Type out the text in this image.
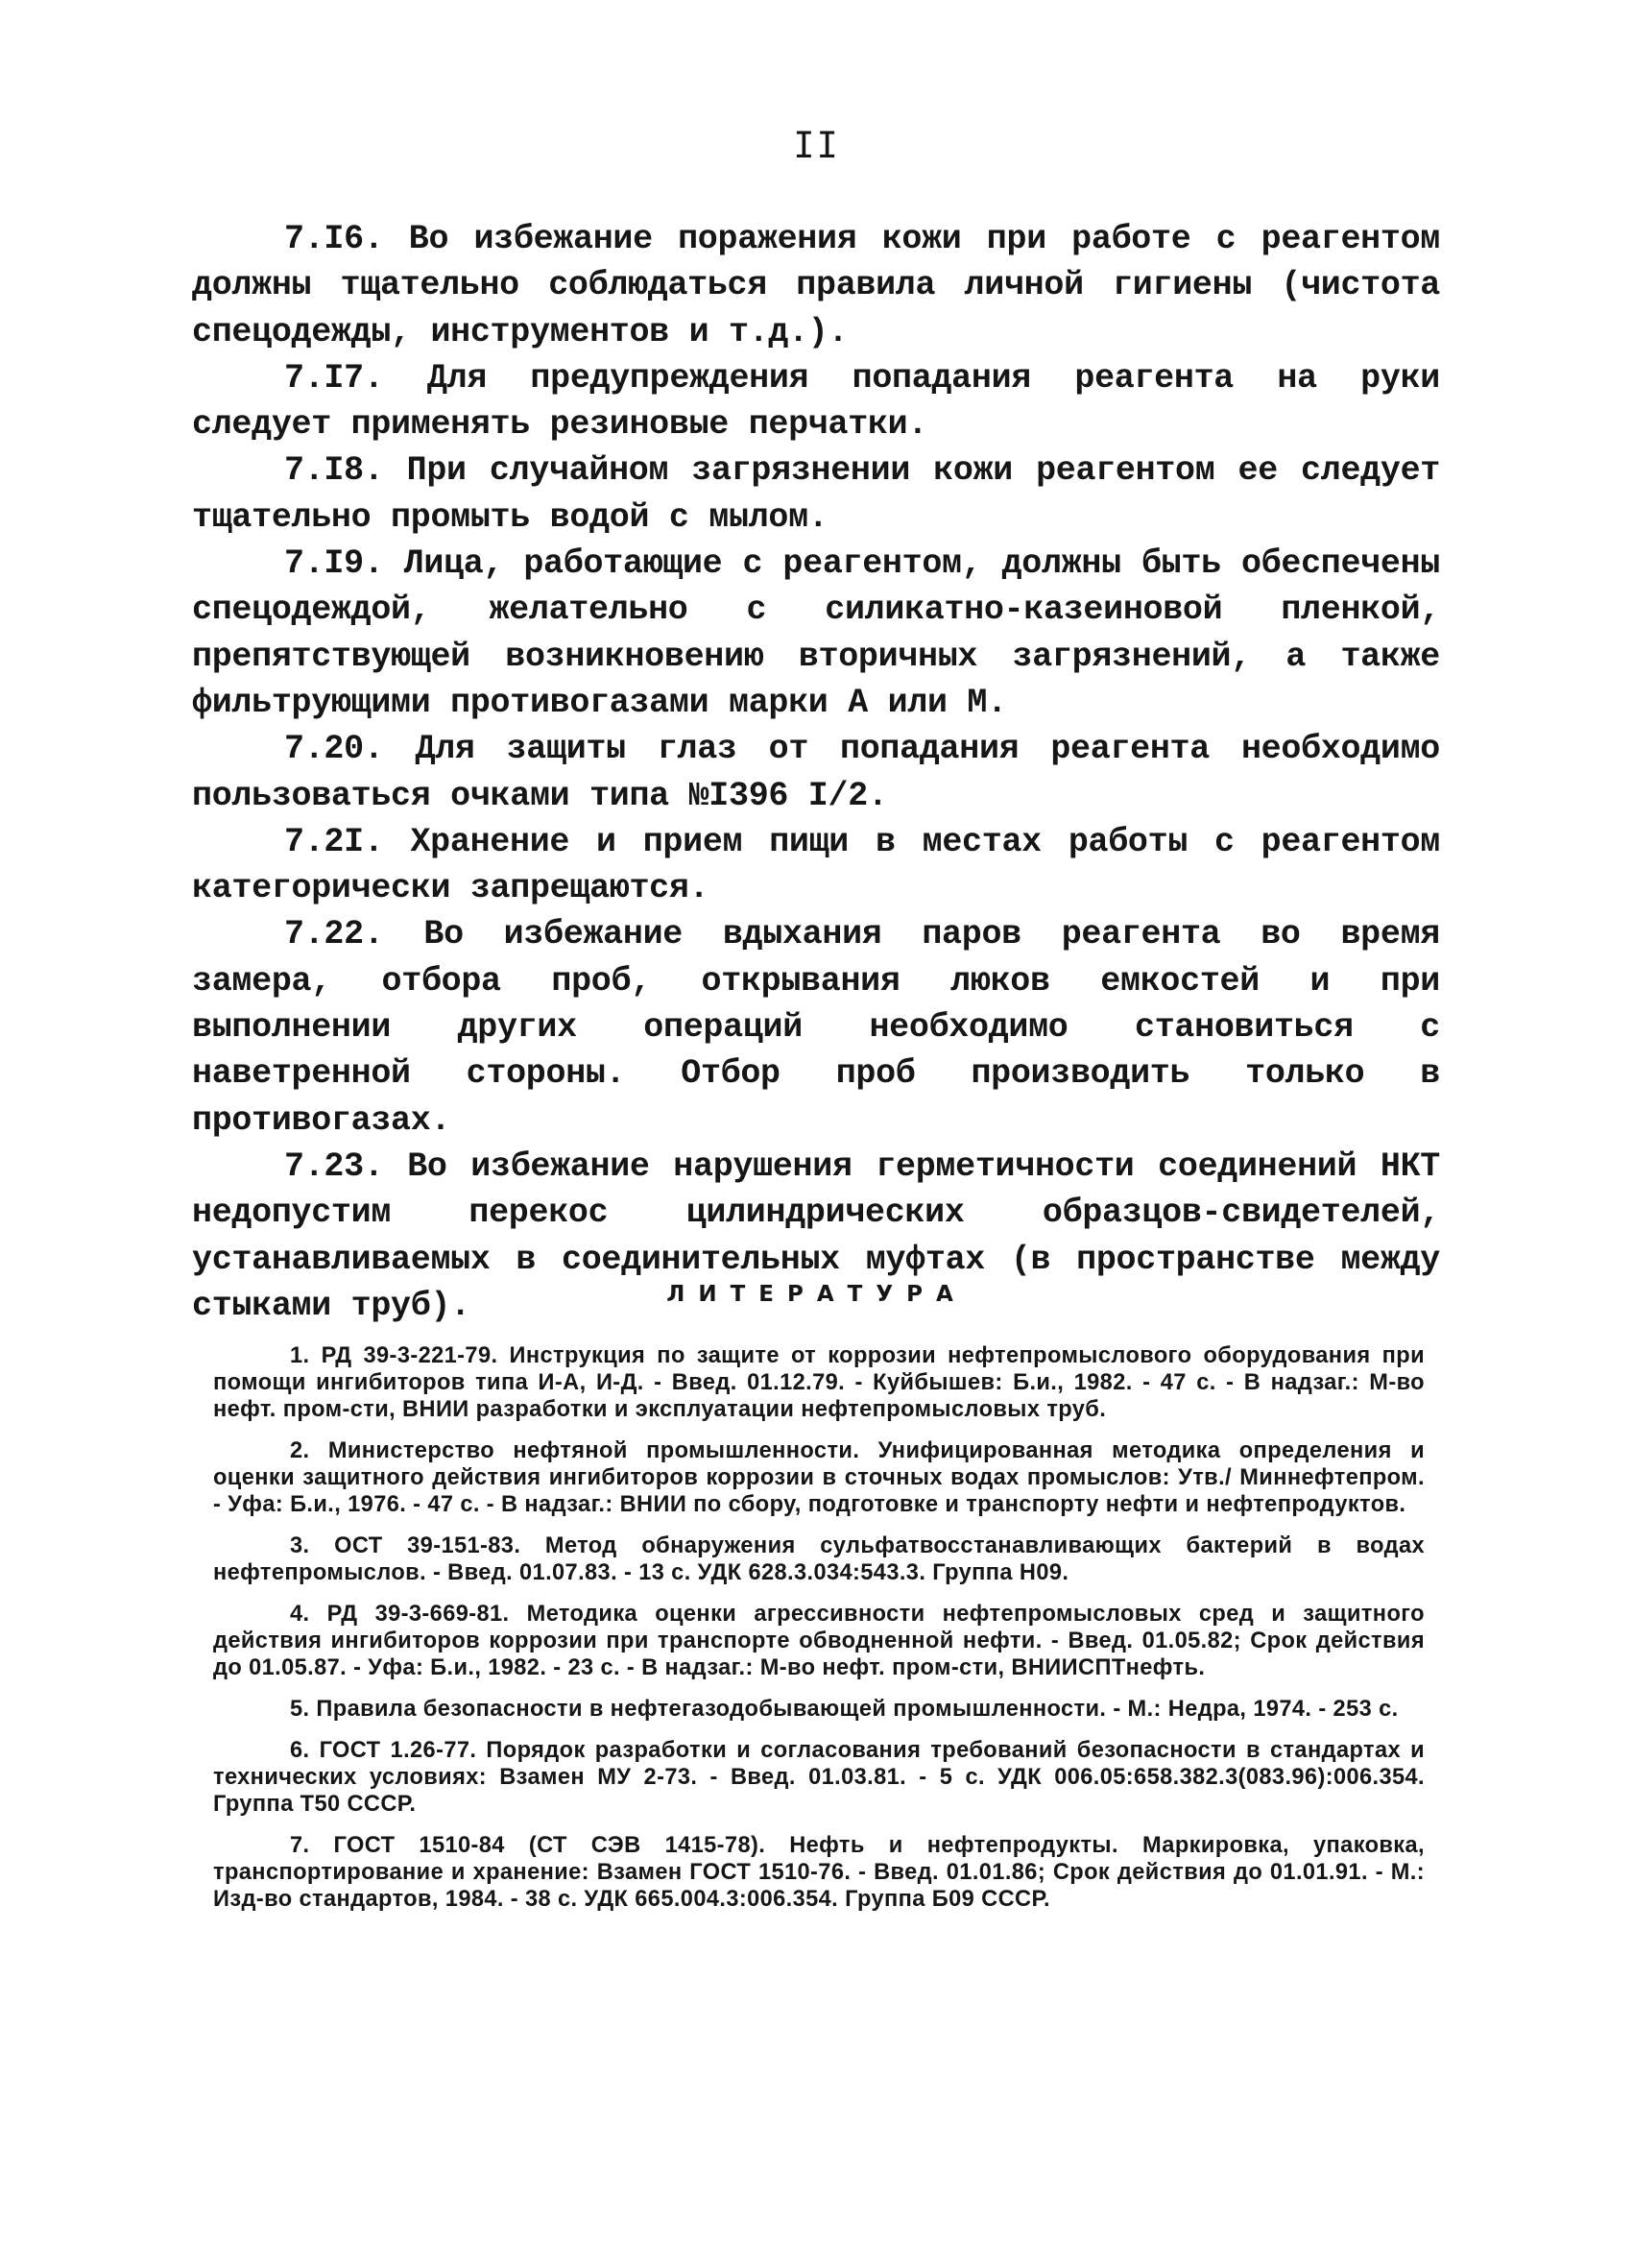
II

7.I6. Во избежание поражения кожи при работе с реагентом должны тщательно соблюдаться правила личной гигиены (чистота спецодежды, инструментов и т.д.).

7.I7. Для предупреждения попадания реагента на руки следует применять резиновые перчатки.

7.I8. При случайном загрязнении кожи реагентом ее следует тщательно промыть водой с мылом.

7.I9. Лица, работающие с реагентом, должны быть обеспечены спецодеждой, желательно с силикатно-казеиновой пленкой, препятствующей возникновению вторичных загрязнений, а также фильтрующими противогазами марки А или М.

7.20. Для защиты глаз от попадания реагента необходимо пользоваться очками типа №I396 I/2.

7.2I. Хранение и прием пищи в местах работы с реагентом категорически запрещаются.

7.22. Во избежание вдыхания паров реагента во время замера, отбора проб, открывания люков емкостей и при выполнении других операций необходимо становиться с наветренной стороны. Отбор проб производить только в противогазах.

7.23. Во избежание нарушения герметичности соединений НКТ недопустим перекос цилиндрических образцов-свидетелей, устанавливаемых в соединительных муфтах (в пространстве между стыками труб).	ЛИТЕРАТУРА

1. РД 39-3-221-79. Инструкция по защите от коррозии нефтепромыслового оборудования при помощи ингибиторов типа И-А, И-Д. - Введ. 01.12.79. - Куйбышев: Б.и., 1982. - 47 с. - В надзаг.: М-во нефт. пром-сти, ВНИИ разработки и эксплуатации нефтепромысловых труб.

2. Министерство нефтяной промышленности. Унифицированная методика определения и оценки защитного действия ингибиторов коррозии в сточных водах промыслов: Утв./ Миннефтепром. - Уфа: Б.и., 1976. - 47 с. - В надзаг.: ВНИИ по сбору, подготовке и транспорту нефти и нефтепродуктов.

3. ОСТ 39-151-83. Метод обнаружения сульфатвосстанавливающих бактерий в водах нефтепромыслов. - Введ. 01.07.83. - 13 с. УДК 628.3.034:543.3. Группа Н09.

4. РД 39-3-669-81. Методика оценки агрессивности нефтепромысловых сред и защитного действия ингибиторов коррозии при транспорте обводненной нефти. - Введ. 01.05.82; Срок действия до 01.05.87. - Уфа: Б.и., 1982. - 23 с. - В надзаг.: М-во нефт. пром-сти, ВНИИСПТнефть.

5. Правила безопасности в нефтегазодобывающей промышленности. - М.: Недра, 1974. - 253 с.

6. ГОСТ 1.26-77. Порядок разработки и согласования требований безопасности в стандартах и технических условиях: Взамен МУ 2-73. - Введ. 01.03.81. - 5 с. УДК 006.05:658.382.3(083.96):006.354. Группа Т50 СССР.

7. ГОСТ 1510-84 (СТ СЭВ 1415-78). Нефть и нефтепродукты. Маркировка, упаковка, транспортирование и хранение: Взамен ГОСТ 1510-76. - Введ. 01.01.86; Срок действия до 01.01.91. - М.: Изд-во стандартов, 1984. - 38 с. УДК 665.004.3:006.354. Группа Б09 СССР.
